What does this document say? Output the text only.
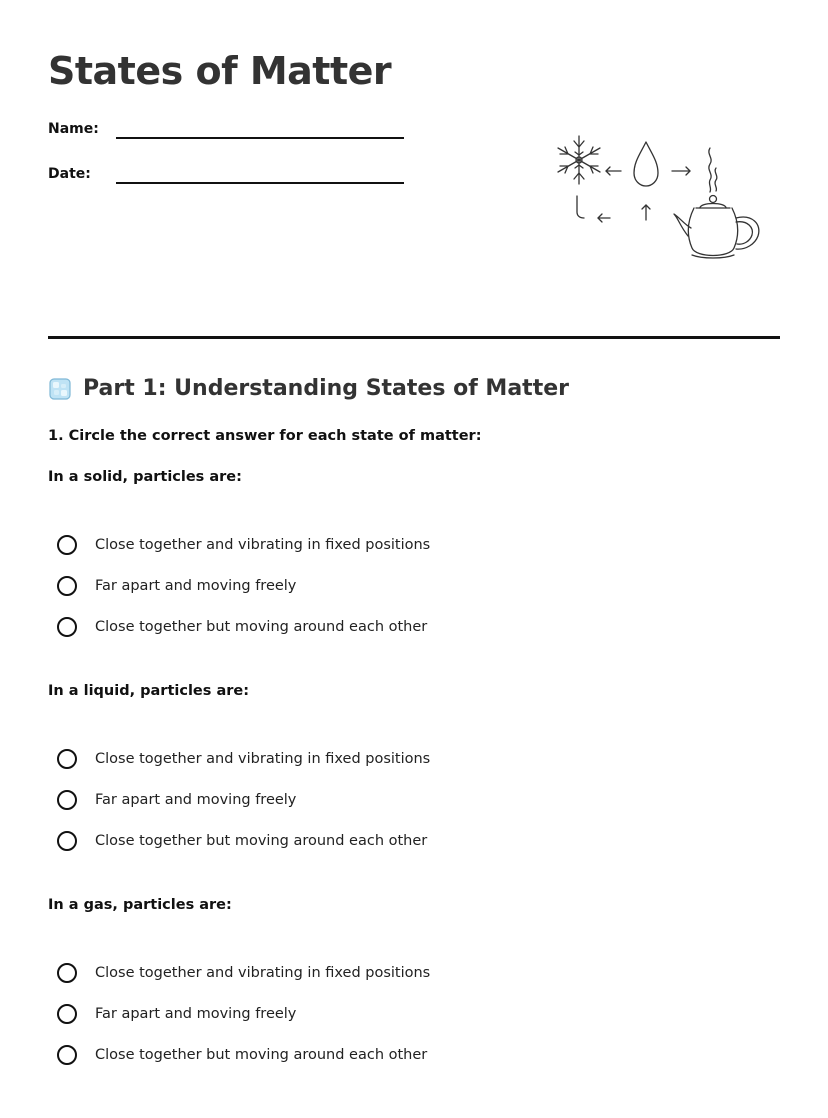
States of Matter
Name:
Date:
Part 1: Understanding States of Matter
1. Circle the correct answer for each state of matter:
In a solid, particles are:
Close together and vibrating in fixed positions
Far apart and moving freely
Close together but moving around each other
In a liquid, particles are:
Close together and vibrating in fixed positions
Far apart and moving freely
Close together but moving around each other
In a gas, particles are:
Close together and vibrating in fixed positions
Far apart and moving freely
Close together but moving around each other
